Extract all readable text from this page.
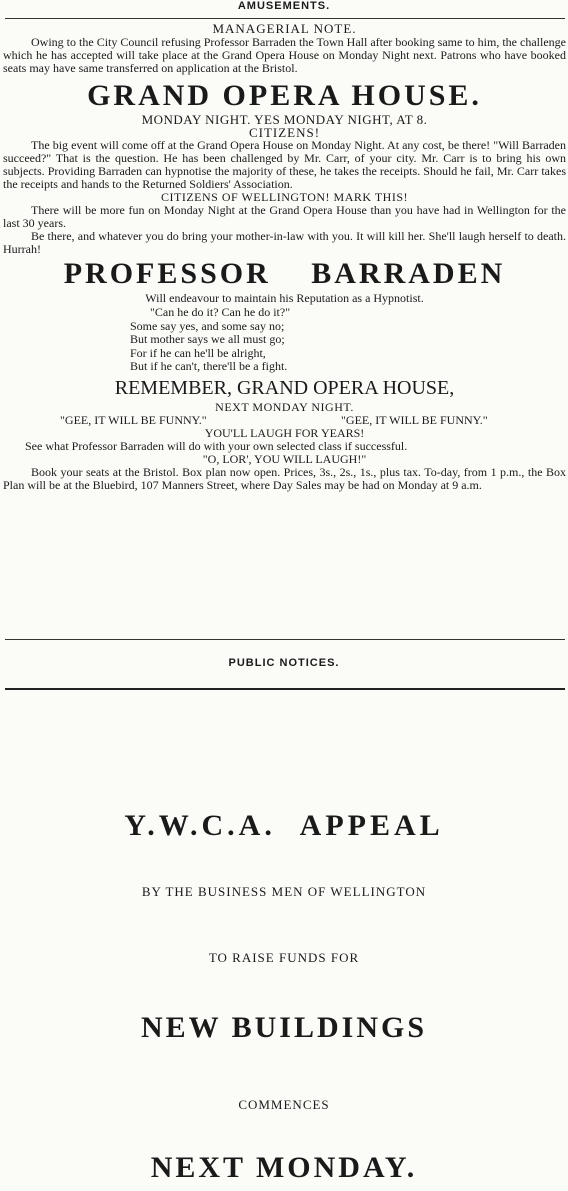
AMUSEMENTS.
MANAGERIAL NOTE.
Owing to the City Council refusing Professor Barraden the Town Hall after booking same to him, the challenge which he has accepted will take place at the Grand Opera House on Monday Night next. Patrons who have booked seats may have same transferred on application at the Bristol.
GRAND OPERA HOUSE.
MONDAY NIGHT. YES MONDAY NIGHT, AT 8.
CITIZENS!
The big event will come off at the Grand Opera House on Monday Night. At any cost, be there! "Will Barraden succeed?" That is the question. He has been challenged by Mr. Carr, of your city. Mr. Carr is to bring his own subjects. Providing Barraden can hypnotise the majority of these, he takes the receipts. Should he fail, Mr. Carr takes the receipts and hands to the Returned Soldiers' Association.
CITIZENS OF WELLINGTON! MARK THIS!
There will be more fun on Monday Night at the Grand Opera House than you have had in Wellington for the last 30 years.
Be there, and whatever you do bring your mother-in-law with you. It will kill her. She'll laugh herself to death. Hurrah!
PROFESSOR BARRADEN
Will endeavour to maintain his Reputation as a Hypnotist.
"Can he do it? Can he do it?"
Some say yes, and some say no;
But mother says we all must go;
For if he can he'll be alright,
But if he can't, there'll be a fight.
REMEMBER, GRAND OPERA HOUSE,
NEXT MONDAY NIGHT.
"GEE, IT WILL BE FUNNY."	"GEE, IT WILL BE FUNNY."
YOU'LL LAUGH FOR YEARS!
See what Professor Barraden will do with your own selected class if successful.
"O, LOR', YOU WILL LAUGH!"
Book your seats at the Bristol. Box plan now open. Prices, 3s., 2s., 1s., plus tax. To-day, from 1 p.m., the Box Plan will be at the Bluebird, 107 Manners Street, where Day Sales may be had on Monday at 9 a.m.
PUBLIC NOTICES.
Y.W.C.A. APPEAL
BY THE BUSINESS MEN OF WELLINGTON
TO RAISE FUNDS FOR
NEW BUILDINGS
COMMENCES
NEXT MONDAY.
